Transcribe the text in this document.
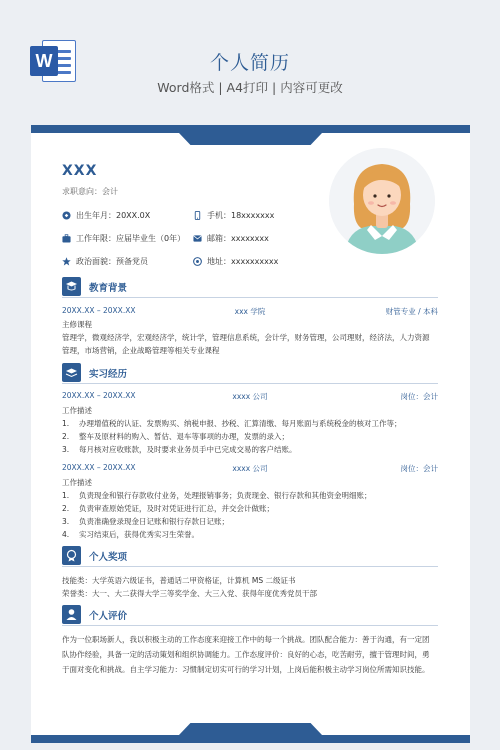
W	个人简历
Word格式 | A4打印 | 内容可更改
XXX
求职意向：会计
出生年月：20XX.0X	手机：18xxxxxxx
工作年限：应届毕业生（0年）	邮箱：xxxxxxxx
政治面貌：预备党员	地址：xxxxxxxxxx
教育背景
20XX.XX – 20XX.XX	xxx 学院	财管专业 / 本科
主修课程
管理学，微观经济学，宏观经济学，统计学，管理信息系统，会计学，财务管理，公司理财，经济法，人力资源
管理，市场营销，企业战略管理等相关专业课程
实习经历
20XX.XX – 20XX.XX	xxxx 公司	岗位：会计
工作描述
1.	办理增值税的认证、发票购买、纳税申报、抄税、汇算清缴、每月账面与系统税金的核对工作等；
2.	整车及原材料的购入、暂估、退车等事项的办理，发票的录入；
3.	每月核对应收账款，及时要求业务员手中已完成交易的客户结账。
20XX.XX – 20XX.XX	xxxx 公司	岗位：会计
工作描述
1.	负责现金和银行存款收付业务，处理报销事务；负责现金、银行存款和其他资金明细账；
2.	负责审查原始凭证，及时对凭证进行汇总，并交会计做账；
3.	负责准确登录现金日记账和银行存款日记账；
4.	实习结束后，获得优秀实习生荣誉。
个人奖项
技能类：大学英语六级证书，普通话二甲资格证，计算机 MS 二级证书
荣誉类：大一、大二获得大学三等奖学金、大三入党、获得年度优秀党员干部
个人评价
作为一位职场新人，我以积极主动的工作态度来迎接工作中的每一个挑战。团队配合能力：善于沟通，有一定团
队协作经验，具备一定的活动策划和组织协调能力。工作态度评价：良好的心态，吃苦耐劳，擅于管理时间，勇
于面对变化和挑战。自主学习能力：习惯制定切实可行的学习计划，上岗后能积极主动学习岗位所需知识技能。
